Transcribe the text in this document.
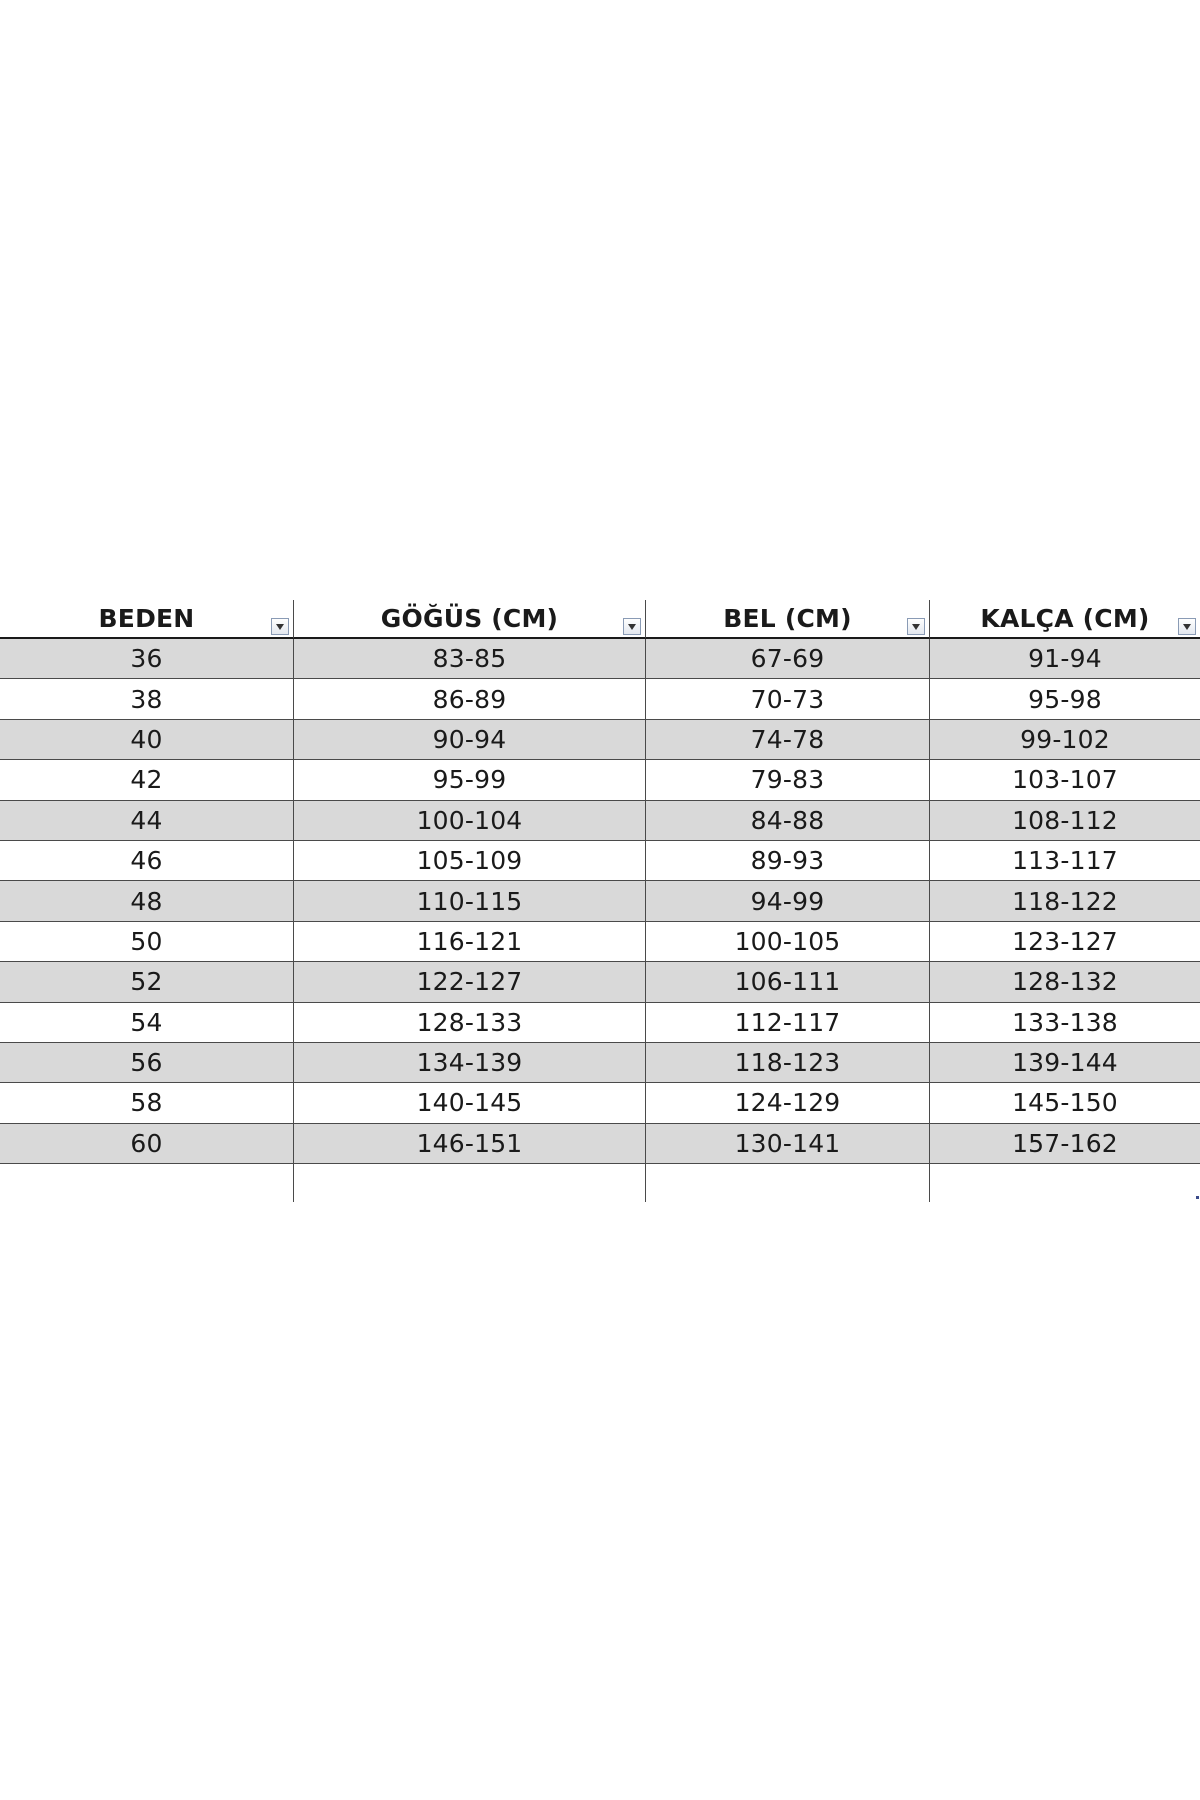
BEDEN	GÖĞÜS (CM)	BEL (CM)	KALÇA (CM)
36	83-85	67-69	91-94
38	86-89	70-73	95-98
40	90-94	74-78	99-102
42	95-99	79-83	103-107
44	100-104	84-88	108-112
46	105-109	89-93	113-117
48	110-115	94-99	118-122
50	116-121	100-105	123-127
52	122-127	106-111	128-132
54	128-133	112-117	133-138
56	134-139	118-123	139-144
58	140-145	124-129	145-150
60	146-151	130-141	157-162
